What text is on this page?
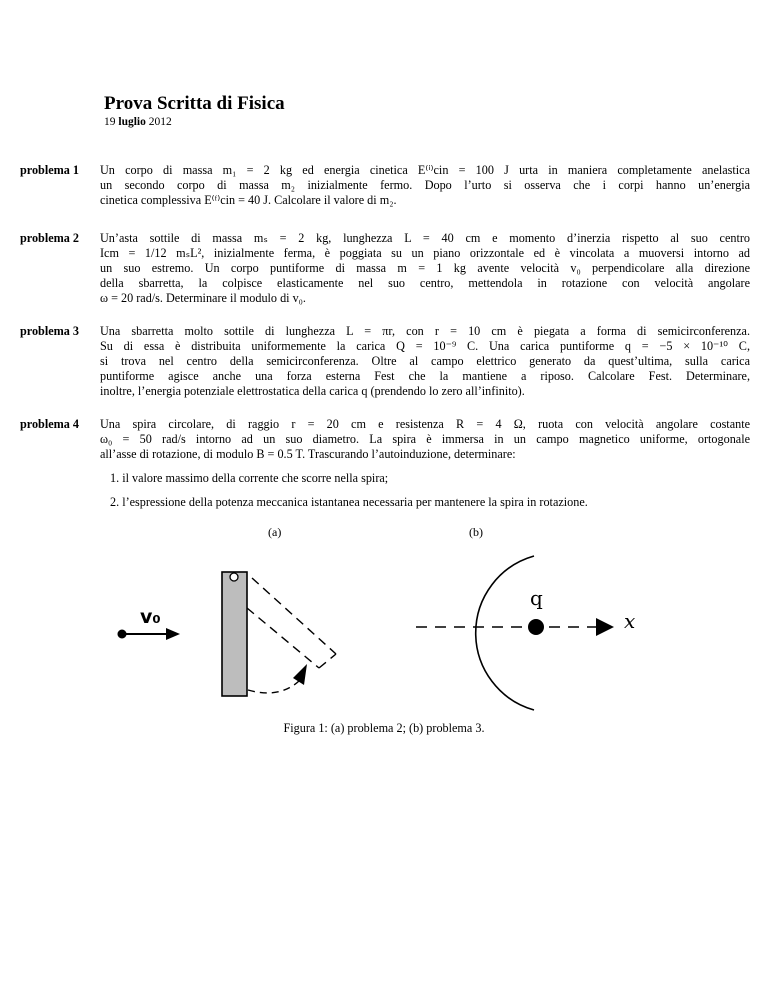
Prova Scritta di Fisica
19 luglio 2012
problema 1	Un corpo di massa m₁ = 2 kg ed energia cinetica E⁽ⁱ⁾cin = 100 J urta in maniera completamente anelastica
un secondo corpo di massa m₂ inizialmente fermo. Dopo l’urto si osserva che i corpi hanno un’energia
cinetica complessiva E⁽ᶠ⁾cin = 40 J. Calcolare il valore di m₂.
problema 2	Un’asta sottile di massa mₛ = 2 kg, lunghezza L = 40 cm e momento d’inerzia rispetto al suo centro
Icm = 1/12 mₛL², inizialmente ferma, è poggiata su un piano orizzontale ed è vincolata a muoversi intorno ad
un suo estremo. Un corpo puntiforme di massa m = 1 kg avente velocità v₀ perpendicolare alla direzione
della sbarretta, la colpisce elasticamente nel suo centro, mettendola in rotazione con velocità angolare
ω = 20 rad/s. Determinare il modulo di v₀.
problema 3	Una sbarretta molto sottile di lunghezza L = πr, con r = 10 cm è piegata a forma di semicirconferenza.
Su di essa è distribuita uniformemente la carica Q = 10⁻⁹ C. Una carica puntiforme q = −5 × 10⁻¹⁰ C,
si trova nel centro della semicirconferenza. Oltre al campo elettrico generato da quest’ultima, sulla carica
puntiforme agisce anche una forza esterna Fest che la mantiene a riposo. Calcolare Fest. Determinare,
inoltre, l’energia potenziale elettrostatica della carica q (prendendo lo zero all’infinito).
problema 4	Una spira circolare, di raggio r = 20 cm e resistenza R = 4 Ω, ruota con velocità angolare costante
ω₀ = 50 rad/s intorno ad un suo diametro. La spira è immersa in un campo magnetico uniforme, ortogonale
all’asse di rotazione, di modulo B = 0.5 T. Trascurando l’autoinduzione, determinare:
1. il valore massimo della corrente che scorre nella spira;
2. l’espressione della potenza meccanica istantanea necessaria per mantenere la spira in rotazione.
(a)	(b)
v₀
q
x
Figura 1: (a) problema 2; (b) problema 3.
